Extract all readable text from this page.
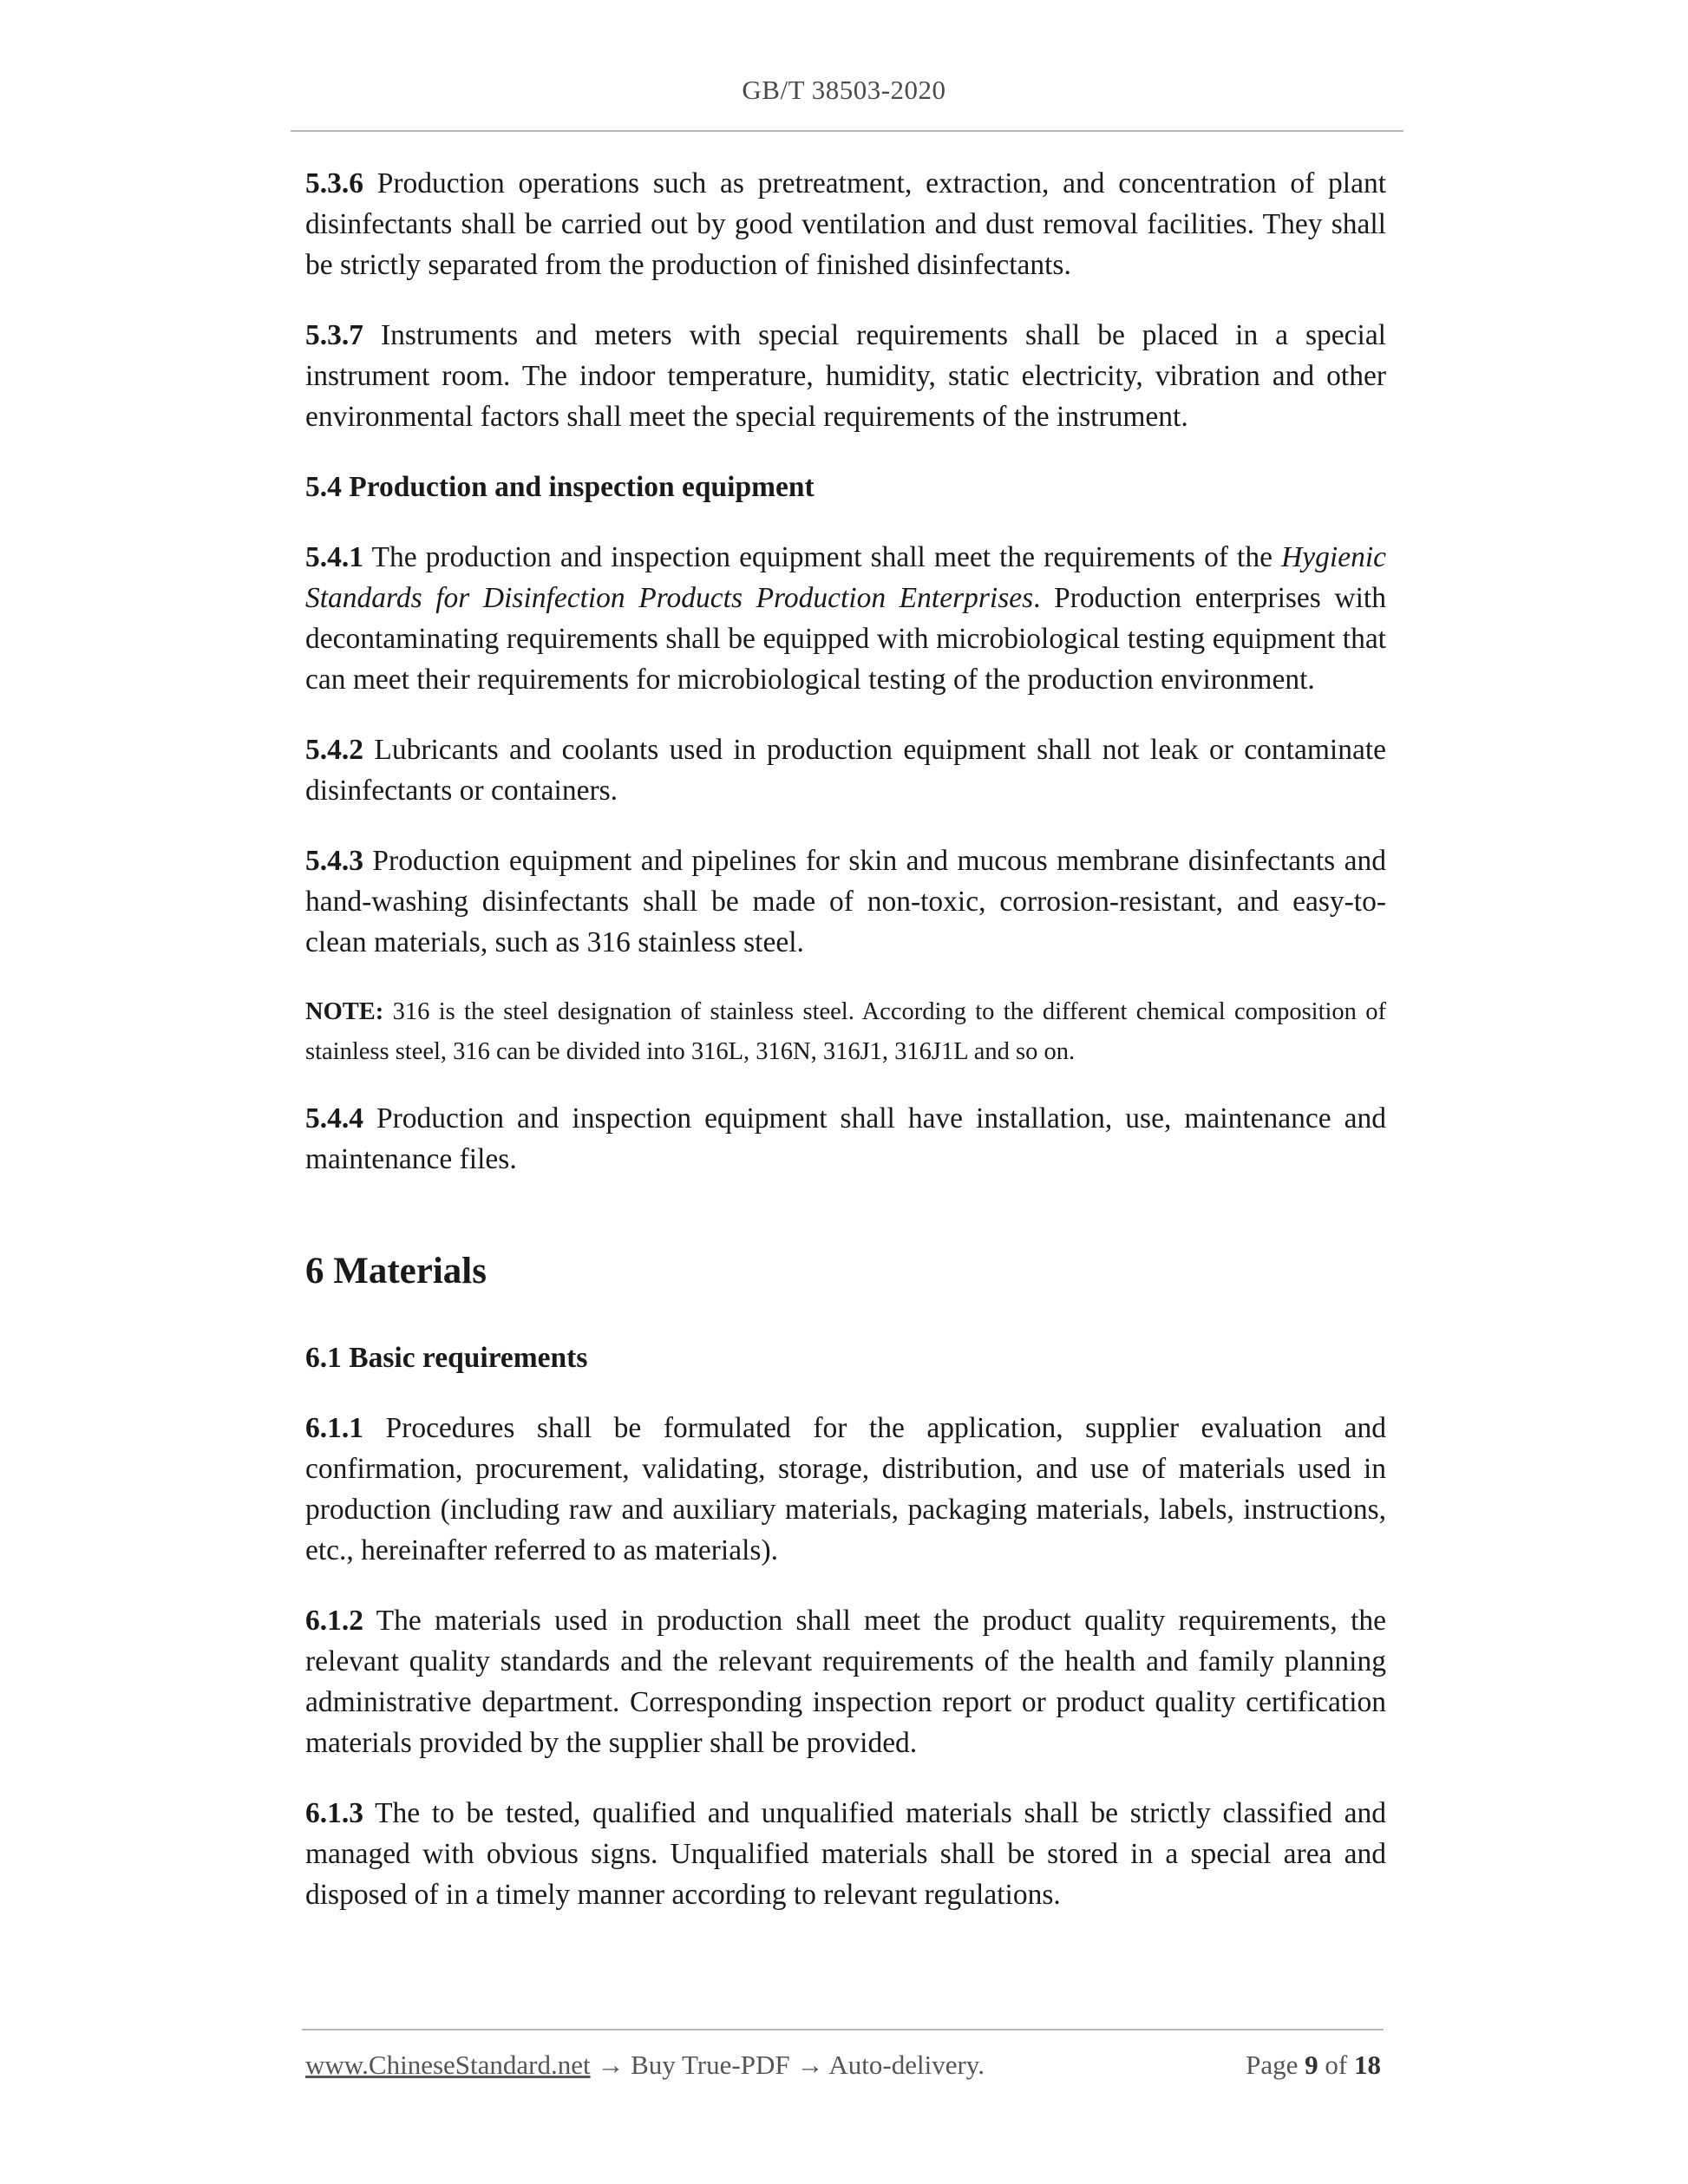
GB/T 38503-2020

5.3.6 Production operations such as pretreatment, extraction, and concentration of plant disinfectants shall be carried out by good ventilation and dust removal facilities. They shall be strictly separated from the production of finished disinfectants.

5.3.7 Instruments and meters with special requirements shall be placed in a special instrument room. The indoor temperature, humidity, static electricity, vibration and other environmental factors shall meet the special requirements of the instrument.

5.4 Production and inspection equipment

5.4.1 The production and inspection equipment shall meet the requirements of the Hygienic Standards for Disinfection Products Production Enterprises. Production enterprises with decontaminating requirements shall be equipped with microbiological testing equipment that can meet their requirements for microbiological testing of the production environment.

5.4.2 Lubricants and coolants used in production equipment shall not leak or contaminate disinfectants or containers.

5.4.3 Production equipment and pipelines for skin and mucous membrane disinfectants and hand-washing disinfectants shall be made of non-toxic, corrosion-resistant, and easy-to-clean materials, such as 316 stainless steel.

NOTE: 316 is the steel designation of stainless steel. According to the different chemical composition of stainless steel, 316 can be divided into 316L, 316N, 316J1, 316J1L and so on.

5.4.4 Production and inspection equipment shall have installation, use, maintenance and maintenance files.

6 Materials

6.1 Basic requirements

6.1.1 Procedures shall be formulated for the application, supplier evaluation and confirmation, procurement, validating, storage, distribution, and use of materials used in production (including raw and auxiliary materials, packaging materials, labels, instructions, etc., hereinafter referred to as materials).

6.1.2 The materials used in production shall meet the product quality requirements, the relevant quality standards and the relevant requirements of the health and family planning administrative department. Corresponding inspection report or product quality certification materials provided by the supplier shall be provided.

6.1.3 The to be tested, qualified and unqualified materials shall be strictly classified and managed with obvious signs. Unqualified materials shall be stored in a special area and disposed of in a timely manner according to relevant regulations.

www.ChineseStandard.net → Buy True-PDF → Auto-delivery.	Page 9 of 18
